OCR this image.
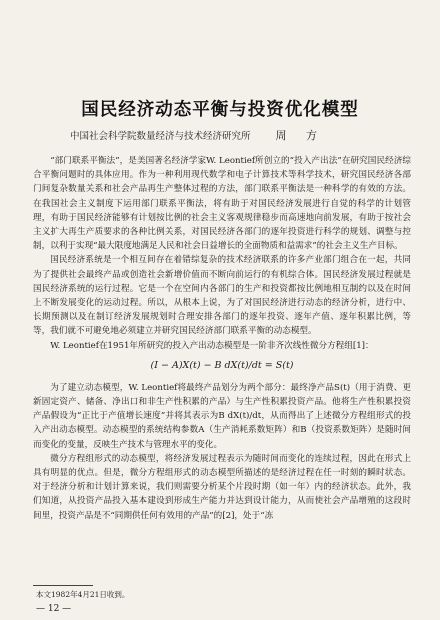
国民经济动态平衡与投资优化模型
中国社会科学院数量经济与技术经济研究所 周 方

“部门联系平衡法”，是美国著名经济学家W. Leontief所创立的“投入产出法”在研究国民经济综合平衡问题时的具体应用。作为一种利用现代数学和电子计算技术等科学技术，研究国民经济各部门间复杂数量关系和社会产品再生产整体过程的方法，部门联系平衡法是一种科学的有效的方法。在我国社会主义制度下运用部门联系平衡法，将有助于对国民经济发展进行自觉的科学的计划管理，有助于国民经济能够有计划按比例的社会主义客观规律稳步而高速地向前发展，有助于按社会主义扩大再生产质要求的各种比例关系，对国民经济各部门的逐年投资进行科学的规划、调整与控制，以利于实现“最大限度地满足人民和社会日益增长的全面物质和益需求”的社会主义生产目标。

国民经济系统是一个相互间存在着错综复杂的技术经济联系的许多产业部门组合在一起，共同为了提供社会最终产品或创造社会新增价值而不断向前运行的有机综合体。国民经济发展过程就是国民经济系统的运行过程。它是一个在空间内各部门的生产和投资都按比例地相互制约以及在时间上不断发展变化的运动过程。所以，从根本上说，为了对国民经济进行动态的经济分析，进行中、长期预测以及在制订经济发展规划时合理安排各部门的逐年投资、逐年产值、逐年积累比例，等等，我们就不可避免地必须建立并研究国民经济部门联系平衡的动态模型。

W. Leontief在1951年所研究的投入产出动态模型是一阶非齐次线性微分方程组[1]：

(I − A)X(t) − B dX(t)/dt = S(t)

为了建立动态模型，W. Leontief将最终产品划分为两个部分：最终净产品S(t)（用于消费、更新固定资产、储备、净出口和非生产性积累的产品）与生产性积累投资产品。他将生产性积累投资产品假设为“正比于产值增长速度”并将其表示为B dX(t)/dt，从而得出了上述微分方程组形式的投入产出动态模型。动态模型的系统结构参数A（生产消耗系数矩阵）和B（投资系数矩阵）是随时间而变化的变量，反映生产技术与管理水平的变化。

微分方程组形式的动态模型，将经济发展过程表示为随时间而变化的连续过程，因此在形式上具有明显的优点。但是，微分方程组形式的动态模型所描述的是经济过程在任一时刻的瞬时状态。对于经济分析和计划计算来说，我们则需要分析某个片段时期（如一年）内的经济状态。此外，我们知道，从投资产品投入基本建设到形成生产能力并达到设计能力，从而使社会产品增殖的这段时间里，投资产品是不“同期供任何有效用的产品”的[2]，处于“冻

本文1982年4月21日收到。
— 12 —
